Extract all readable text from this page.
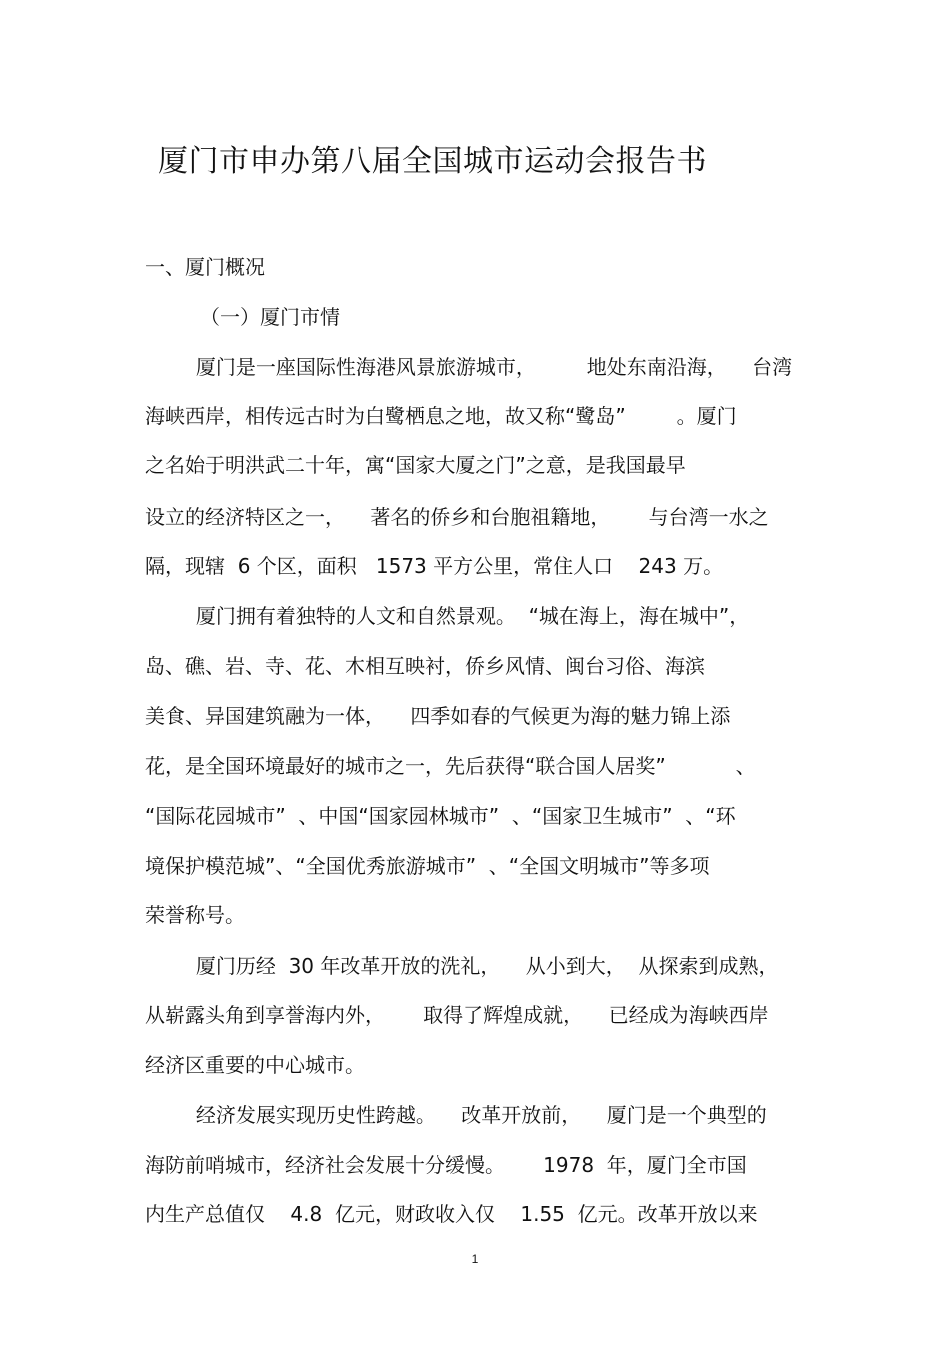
厦门市申办第八届全国城市运动会报告书
一、厦门概况
（一）厦门市情
厦门是一座国际性海港风景旅游城市，        地处东南沿海，    台湾
海峡西岸，相传远古时为白鹭栖息之地，故又称“鹭岛”        。厦门
之名始于明洪武二十年，寓“国家大厦之门”之意，是我国最早
设立的经济特区之一，    著名的侨乡和台胞祖籍地，      与台湾一水之
隔，现辖  6 个区，面积   1573 平方公里，常住人口    243 万。
厦门拥有着独特的人文和自然景观。  “城在海上，海在城中”，
岛、礁、岩、寺、花、木相互映衬，侨乡风情、闽台习俗、海滨
美食、异国建筑融为一体，    四季如春的气候更为海的魅力锦上添
花，是全国环境最好的城市之一，先后获得“联合国人居奖”           、
“国际花园城市”  、中国“国家园林城市”  、“国家卫生城市”  、“环
境保护模范城”、“全国优秀旅游城市”  、“全国文明城市”等多项
荣誉称号。
厦门历经  30 年改革开放的洗礼，    从小到大，  从探索到成熟，
从崭露头角到享誉海内外，      取得了辉煌成就，    已经成为海峡西岸
经济区重要的中心城市。
经济发展实现历史性跨越。    改革开放前，    厦门是一个典型的
海防前哨城市，经济社会发展十分缓慢。      1978  年，厦门全市国
内生产总值仅    4.8  亿元，财政收入仅    1.55  亿元。改革开放以来
1
